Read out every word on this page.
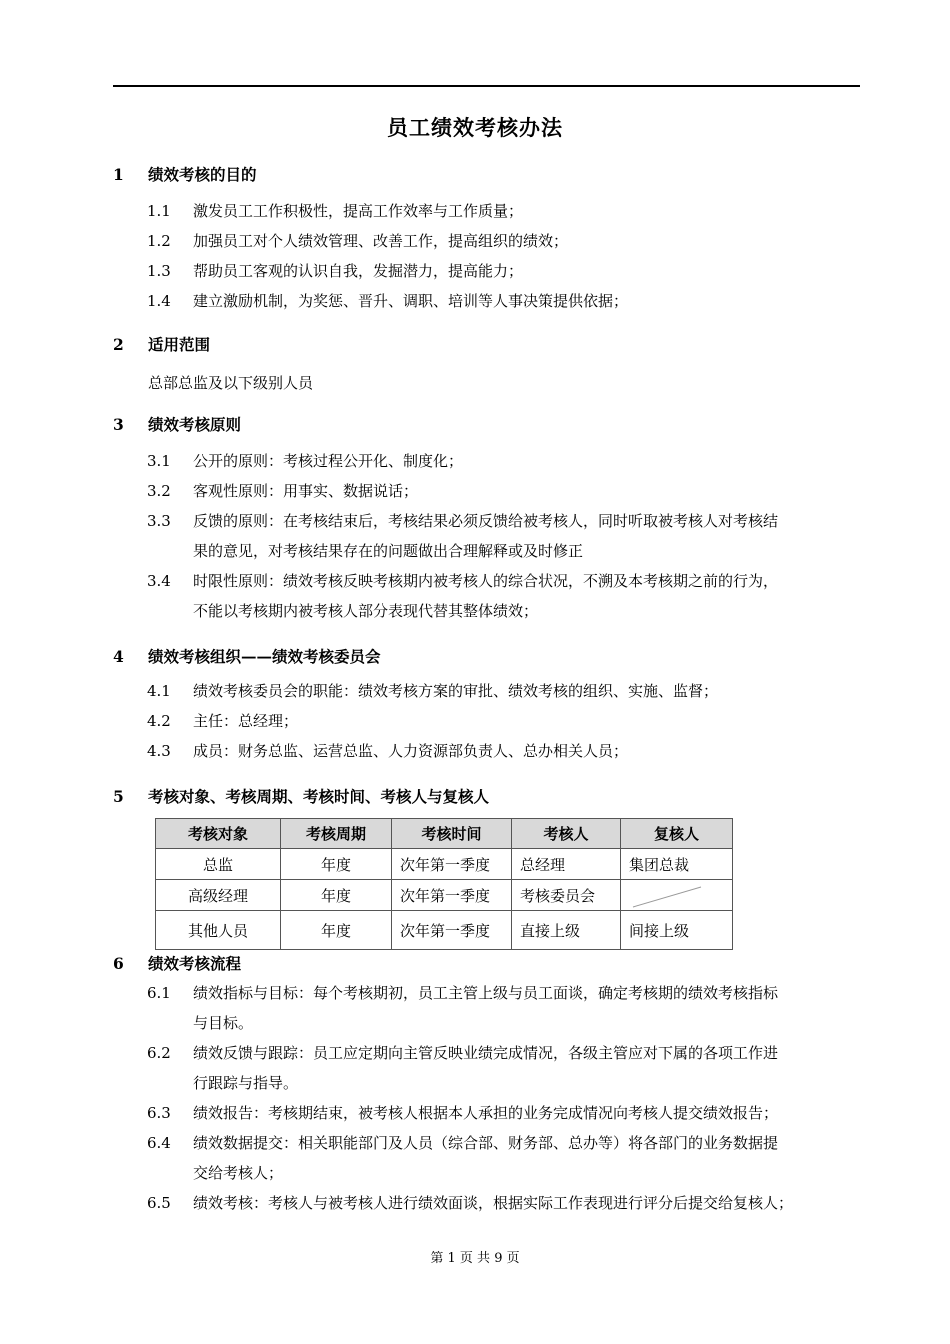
员工绩效考核办法
1 绩效考核的目的
1.1 激发员工工作积极性，提高工作效率与工作质量；
1.2 加强员工对个人绩效管理、改善工作，提高组织的绩效；
1.3 帮助员工客观的认识自我，发掘潜力，提高能力；
1.4 建立激励机制，为奖惩、晋升、调职、培训等人事决策提供依据；
2 适用范围
总部总监及以下级别人员
3 绩效考核原则
3.1 公开的原则：考核过程公开化、制度化；
3.2 客观性原则：用事实、数据说话；
3.3 反馈的原则：在考核结束后，考核结果必须反馈给被考核人，同时听取被考核人对考核结
果的意见，对考核结果存在的问题做出合理解释或及时修正
3.4 时限性原则：绩效考核反映考核期内被考核人的综合状况，不溯及本考核期之前的行为，
不能以考核期内被考核人部分表现代替其整体绩效；
4 绩效考核组织——绩效考核委员会
4.1 绩效考核委员会的职能：绩效考核方案的审批、绩效考核的组织、实施、监督；
4.2 主任：总经理；
4.3 成员：财务总监、运营总监、人力资源部负责人、总办相关人员；
5 考核对象、考核周期、考核时间、考核人与复核人
考核对象	考核周期	考核时间	考核人	复核人
总监	年度	次年第一季度	总经理	集团总裁
高级经理	年度	次年第一季度	考核委员会	

其他人员	年度	次年第一季度	直接上级	间接上级
6 绩效考核流程
6.1 绩效指标与目标：每个考核期初，员工主管上级与员工面谈，确定考核期的绩效考核指标
与目标。
6.2 绩效反馈与跟踪：员工应定期向主管反映业绩完成情况，各级主管应对下属的各项工作进
行跟踪与指导。
6.3 绩效报告：考核期结束，被考核人根据本人承担的业务完成情况向考核人提交绩效报告；
6.4 绩效数据提交：相关职能部门及人员（综合部、财务部、总办等）将各部门的业务数据提
交给考核人；
6.5 绩效考核：考核人与被考核人进行绩效面谈，根据实际工作表现进行评分后提交给复核人；
第 1 页 共 9 页
